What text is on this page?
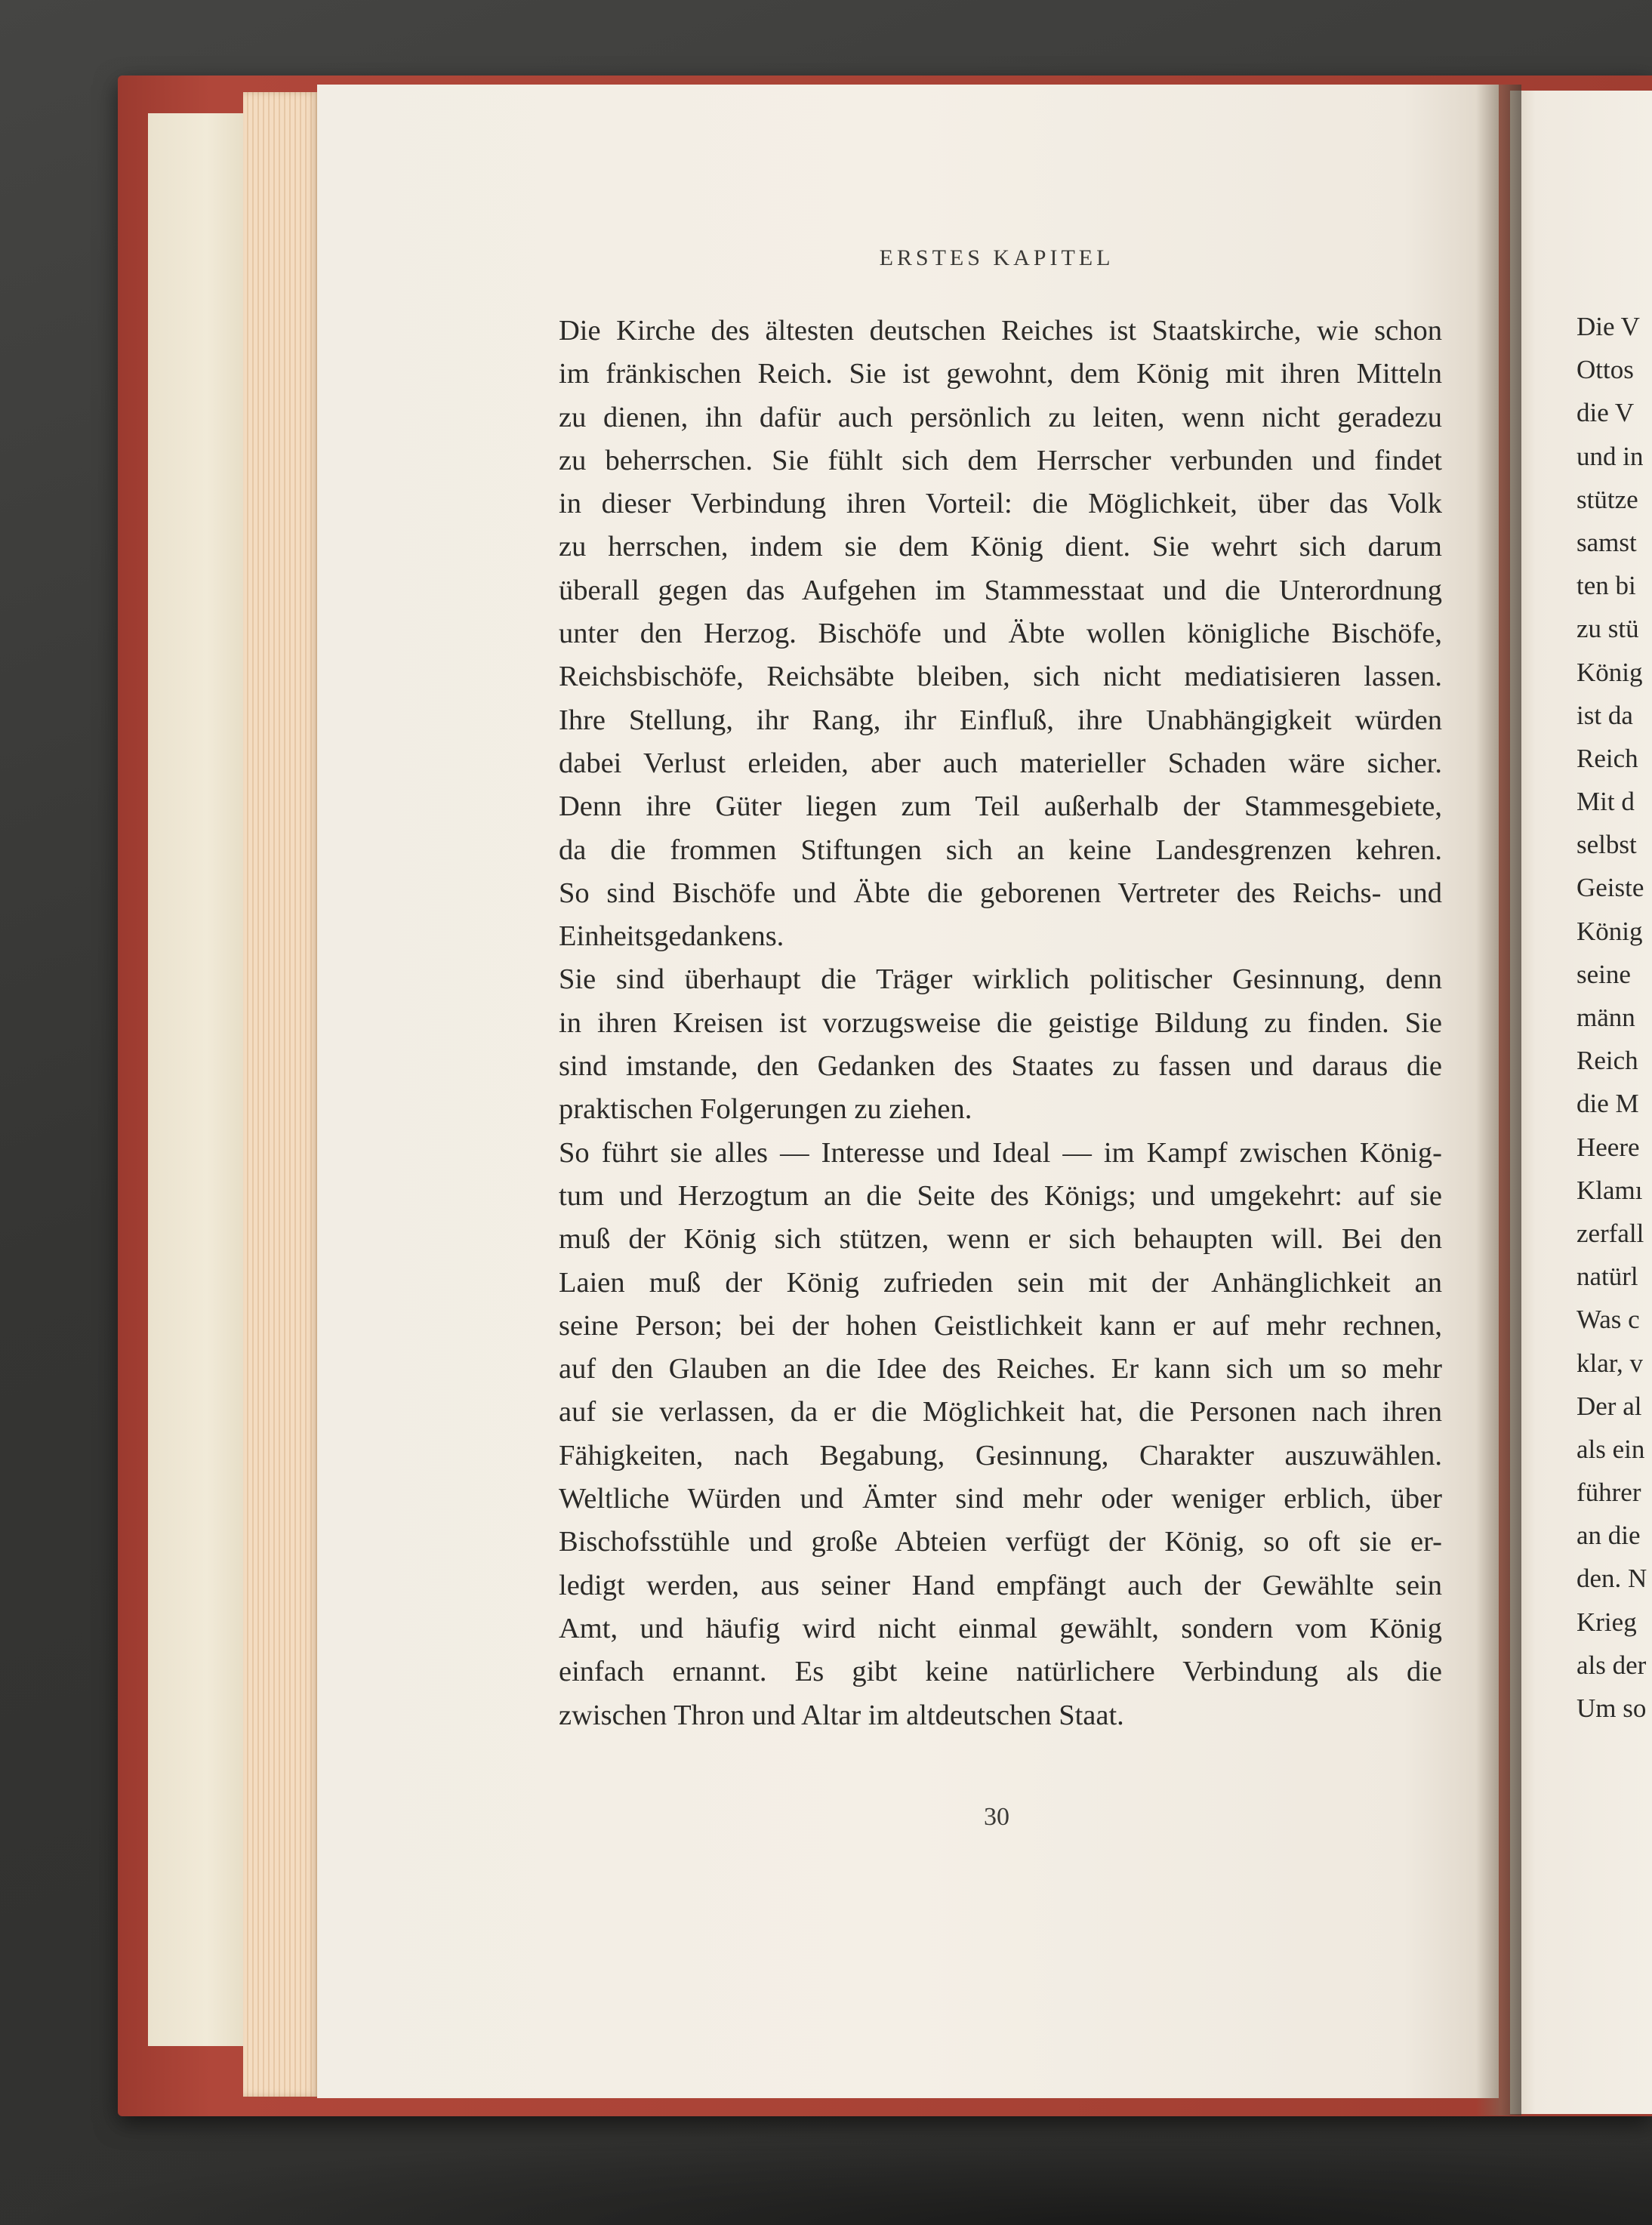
ERSTES KAPITEL
Die Kirche des ältesten deutschen Reiches ist Staatskirche, wie schon
im fränkischen Reich. Sie ist gewohnt, dem König mit ihren Mitteln
zu dienen, ihn dafür auch persönlich zu leiten, wenn nicht geradezu
zu beherrschen. Sie fühlt sich dem Herrscher verbunden und findet
in dieser Verbindung ihren Vorteil: die Möglichkeit, über das Volk
zu herrschen, indem sie dem König dient. Sie wehrt sich darum
überall gegen das Aufgehen im Stammesstaat und die Unterordnung
unter den Herzog. Bischöfe und Äbte wollen königliche Bischöfe,
Reichsbischöfe, Reichsäbte bleiben, sich nicht mediatisieren lassen.
Ihre Stellung, ihr Rang, ihr Einfluß, ihre Unabhängigkeit würden
dabei Verlust erleiden, aber auch materieller Schaden wäre sicher.
Denn ihre Güter liegen zum Teil außerhalb der Stammesgebiete,
da die frommen Stiftungen sich an keine Landesgrenzen kehren.
So sind Bischöfe und Äbte die geborenen Vertreter des Reichs- und
Einheitsgedankens.
Sie sind überhaupt die Träger wirklich politischer Gesinnung, denn
in ihren Kreisen ist vorzugsweise die geistige Bildung zu finden. Sie
sind imstande, den Gedanken des Staates zu fassen und daraus die
praktischen Folgerungen zu ziehen.
So führt sie alles — Interesse und Ideal — im Kampf zwischen König-
tum und Herzogtum an die Seite des Königs; und umgekehrt: auf sie
muß der König sich stützen, wenn er sich behaupten will. Bei den
Laien muß der König zufrieden sein mit der Anhänglichkeit an
seine Person; bei der hohen Geistlichkeit kann er auf mehr rechnen,
auf den Glauben an die Idee des Reiches. Er kann sich um so mehr
auf sie verlassen, da er die Möglichkeit hat, die Personen nach ihren
Fähigkeiten, nach Begabung, Gesinnung, Charakter auszuwählen.
Weltliche Würden und Ämter sind mehr oder weniger erblich, über
Bischofsstühle und große Abteien verfügt der König, so oft sie er-
ledigt werden, aus seiner Hand empfängt auch der Gewählte sein
Amt, und häufig wird nicht einmal gewählt, sondern vom König
einfach ernannt. Es gibt keine natürlichere Verbindung als die
zwischen Thron und Altar im altdeutschen Staat.
30
Die V
Ottos
die V
und in
stütze
samst
ten bi
zu stü
König
ist da
Reich
Mit d
selbst
Geiste
König
seine
männ
Reich
die M
Heere
Klamı
zerfall
natürl
Was c
klar, v
Der al
als ein
führer
an die
den. N
Krieg
als der
Um so
